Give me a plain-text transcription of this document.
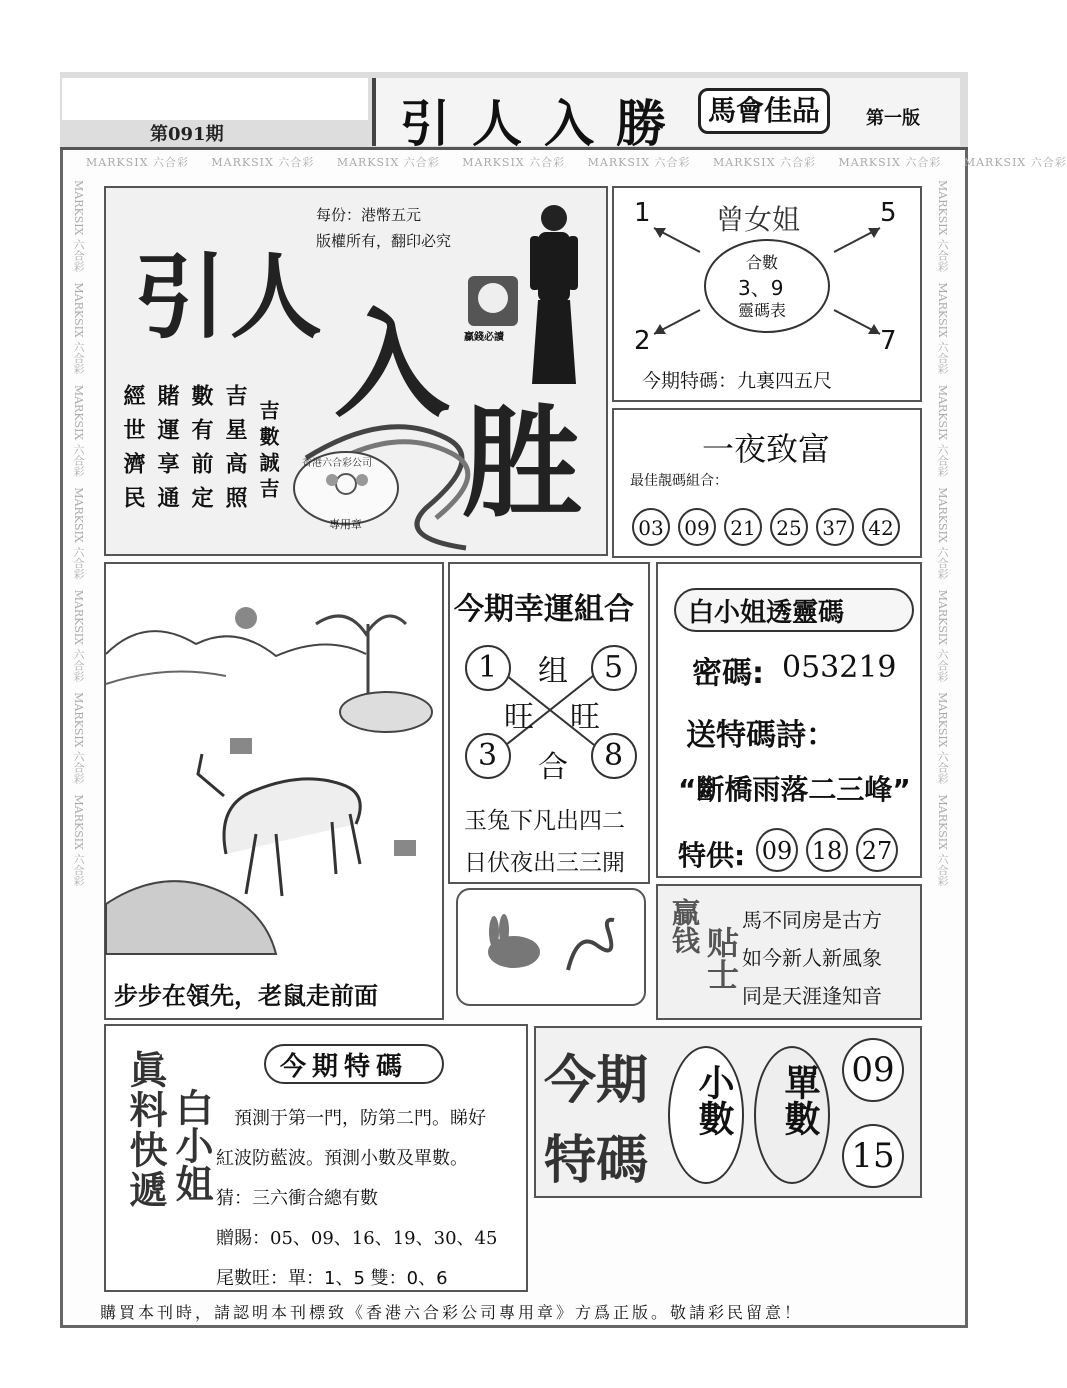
第091期	引人入勝 馬會佳品	第一版
MARKSIX 六合彩 MARKSIX 六合彩 MARKSIX 六合彩 MARKSIX 六合彩 MARKSIX 六合彩 MARKSIX 六合彩 MARKSIX 六合彩 MARKSIX 六合彩
MARKSIX 六合彩   MARKSIX 六合彩   MARKSIX 六合彩   MARKSIX 六合彩   MARKSIX 六合彩   MARKSIX 六合彩   MARKSIX 六合彩
MARKSIX 六合彩   MARKSIX 六合彩   MARKSIX 六合彩   MARKSIX 六合彩   MARKSIX 六合彩   MARKSIX 六合彩   MARKSIX 六合彩
每份：港幣五元
版權所有，翻印必究
引人 入
胜
贏錢必讀
專用章
香港六合彩公司
吉星高照
數有前定
賭運享通
經世濟民	吉數誠吉
1	5
2	7
曾女姐
合數
3、9
靈碼表
今期特碼：九裏四五尺
一夜致富
最佳靚碼組合：
03 09 21 25 37 42
步步在領先，老鼠走前面
今期幸運組合
1	5
3	8
组
旺 旺
合
玉兔下凡出四二
日伏夜出三三開
白小姐透靈碼
密碼: 053219
送特碼詩：
“斷橋雨落二三峰”
特供: 09 18 27
贏钱 贴士
馬不同房是古方
如今新人新風象
同是天涯逢知音
眞料快遞 白小姐
今期特碼
預測于第一門，防第二門。睇好
紅波防藍波。預測小數及單數。
猜：三六衝合總有數
贈賜：05、09、16、19、30、45
尾數旺：單：1、5 雙：0、6
今期
特碼
小數 單數 09
15
購買本刊時，請認明本刊標致《香港六合彩公司專用章》方爲正版。敬請彩民留意！
